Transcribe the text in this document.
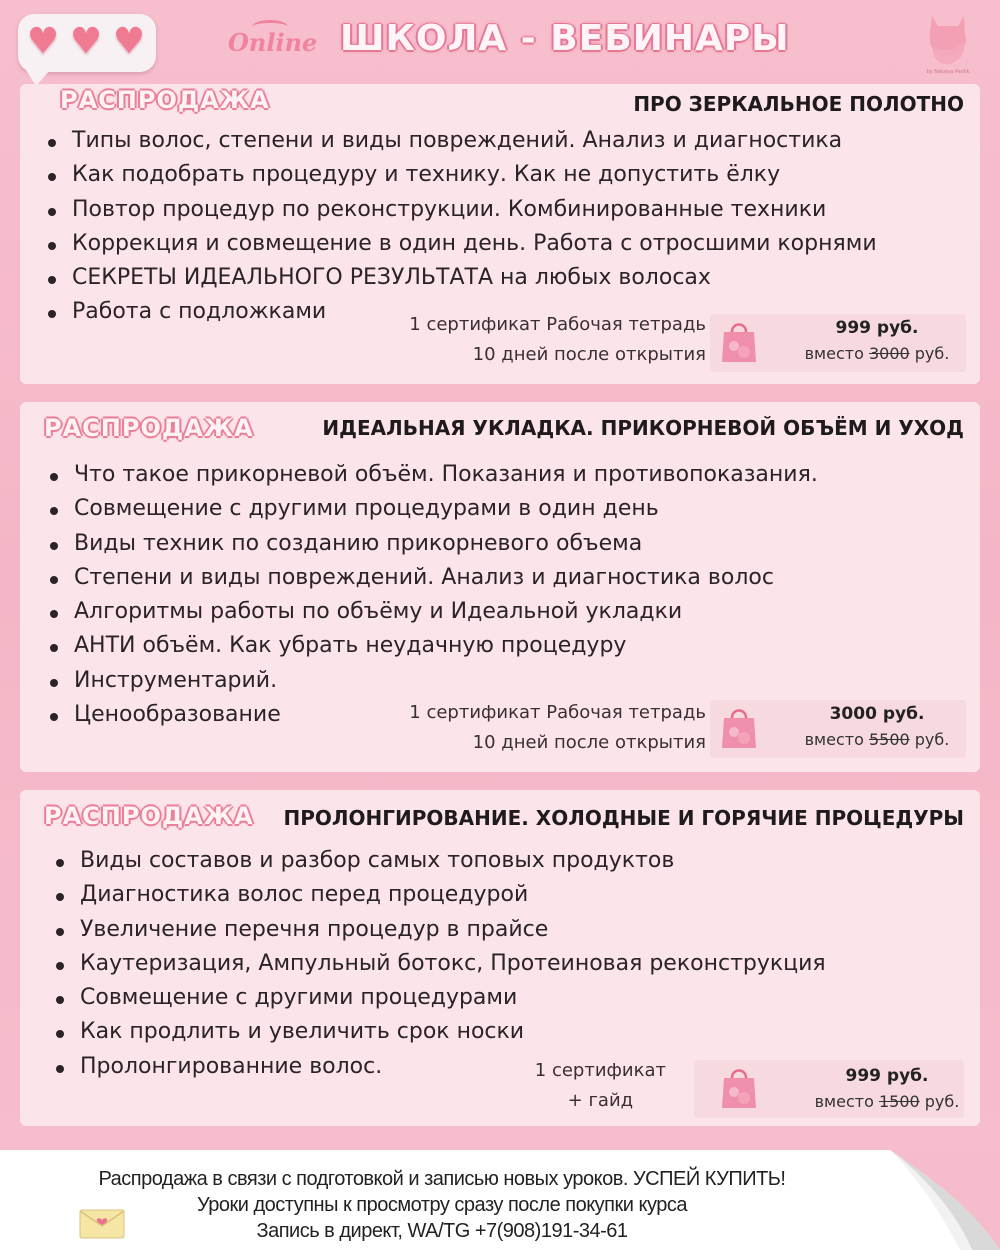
♥ ♥ ♥	Online ШКОЛА - ВЕБИНАРЫ
by Natalya Pashk
РАСПРОДАЖА	ПРО ЗЕРКАЛЬНОЕ ПОЛОТНО
Типы волос, степени и виды повреждений. Анализ и диагностика
Как подобрать процедуру и технику. Как не допустить ёлку
Повтор процедур по реконструкции. Комбинированные техники
Коррекция и совмещение в один день. Работа с отросшими корнями
СЕКРЕТЫ ИДЕАЛЬНОГО РЕЗУЛЬТАТА на любых волосах
Работа с подложками
1 сертификат Рабочая тетрадь
10 дней после открытия
999 руб.
вместо 3000 руб.
РАСПРОДАЖА	ИДЕАЛЬНАЯ УКЛАДКА. ПРИКОРНЕВОЙ ОБЪЁМ И УХОД
Что такое прикорневой объём. Показания и противопоказания.
Совмещение с другими процедурами в один день
Виды техник по созданию прикорневого объема
Степени и виды повреждений. Анализ и диагностика волос
Алгоритмы работы по объёму и Идеальной укладки
АНТИ объём. Как убрать неудачную процедуру
Инструментарий.
Ценообразование	1 сертификат Рабочая тетрадь
10 дней после открытия
3000 руб.
вместо 5500 руб.
РАСПРОДАЖА ПРОЛОНГИРОВАНИЕ. ХОЛОДНЫЕ И ГОРЯЧИЕ ПРОЦЕДУРЫ
Виды составов и разбор самых топовых продуктов
Диагностика волос перед процедурой
Увеличение перечня процедур в прайсе
Каутеризация, Ампульный ботокс, Протеиновая реконструкция
Совмещение с другими процедурами
Как продлить и увеличить срок носки
Пролонгированние волос.	1 сертификат
+ гайд
999 руб.
вместо 1500 руб.
Распродажа в связи с подготовкой и записью новых уроков. УСПЕЙ КУПИТЬ!
Уроки доступны к просмотру сразу после покупки курса
Запись в директ, WA/TG +7(908)191-34-61
